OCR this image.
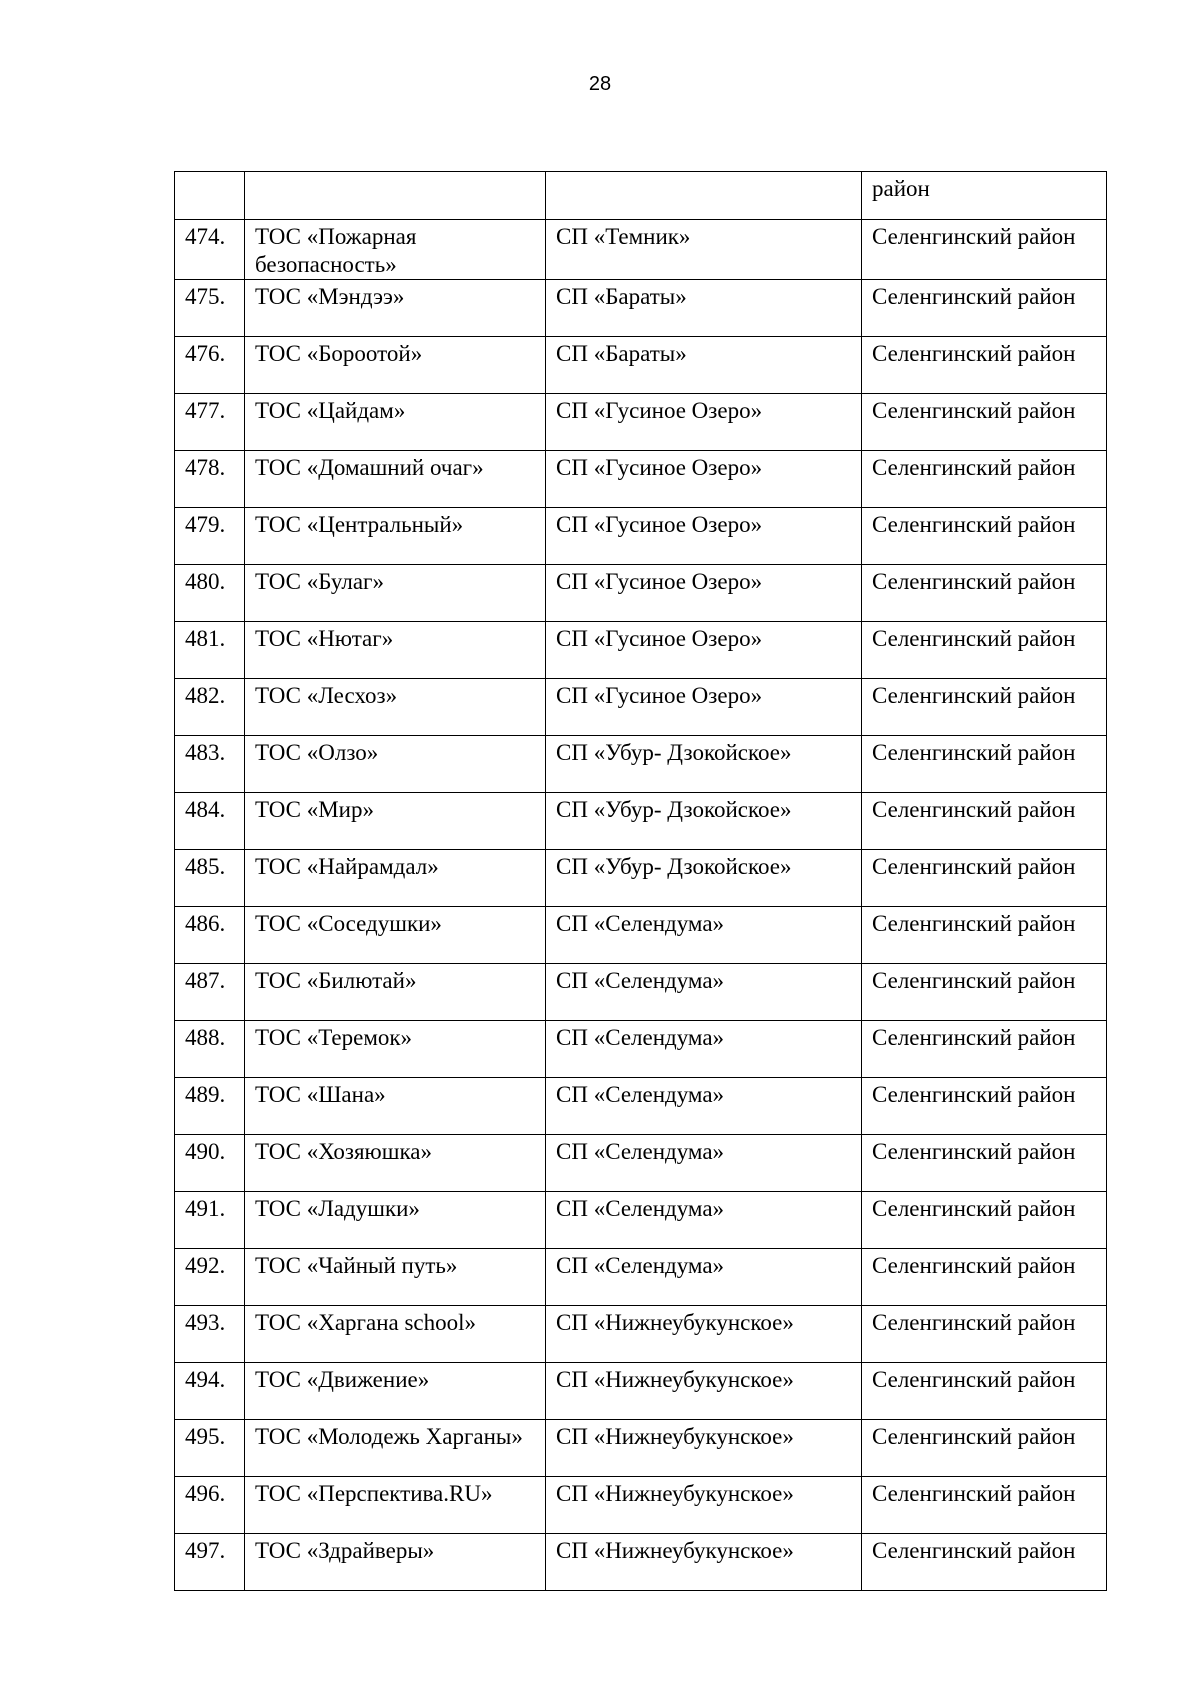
28
			район
474.	ТОС «Пожарная безопасность»	СП «Темник»	Селенгинский район
475.	ТОС «Мэндээ»	СП «Бараты»	Селенгинский район
476.	ТОС «Бороотой»	СП «Бараты»	Селенгинский район
477.	ТОС «Цайдам»	СП «Гусиное Озеро»	Селенгинский район
478.	ТОС «Домашний очаг»	СП «Гусиное Озеро»	Селенгинский район
479.	ТОС «Центральный»	СП «Гусиное Озеро»	Селенгинский район
480.	ТОС «Булаг»	СП «Гусиное Озеро»	Селенгинский район
481.	ТОС «Нютаг»	СП «Гусиное Озеро»	Селенгинский район
482.	ТОС «Лесхоз»	СП «Гусиное Озеро»	Селенгинский район
483.	ТОС «Олзо»	СП «Убур- Дзокойское»	Селенгинский район
484.	ТОС «Мир»	СП «Убур- Дзокойское»	Селенгинский район
485.	ТОС «Найрамдал»	СП «Убур- Дзокойское»	Селенгинский район
486.	ТОС «Соседушки»	СП «Селендума»	Селенгинский район
487.	ТОС «Билютай»	СП «Селендума»	Селенгинский район
488.	ТОС «Теремок»	СП «Селендума»	Селенгинский район
489.	ТОС «Шана»	СП «Селендума»	Селенгинский район
490.	ТОС «Хозяюшка»	СП «Селендума»	Селенгинский район
491.	ТОС «Ладушки»	СП «Селендума»	Селенгинский район
492.	ТОС «Чайный путь»	СП «Селендума»	Селенгинский район
493.	ТОС «Харгана school»	СП «Нижнеубукунское»	Селенгинский район
494.	ТОС «Движение»	СП «Нижнеубукунское»	Селенгинский район
495.	ТОС «Молодежь Харганы»	СП «Нижнеубукунское»	Селенгинский район
496.	ТОС «Перспектива.RU»	СП «Нижнеубукунское»	Селенгинский район
497.	ТОС «Здрайверы»	СП «Нижнеубукунское»	Селенгинский район
